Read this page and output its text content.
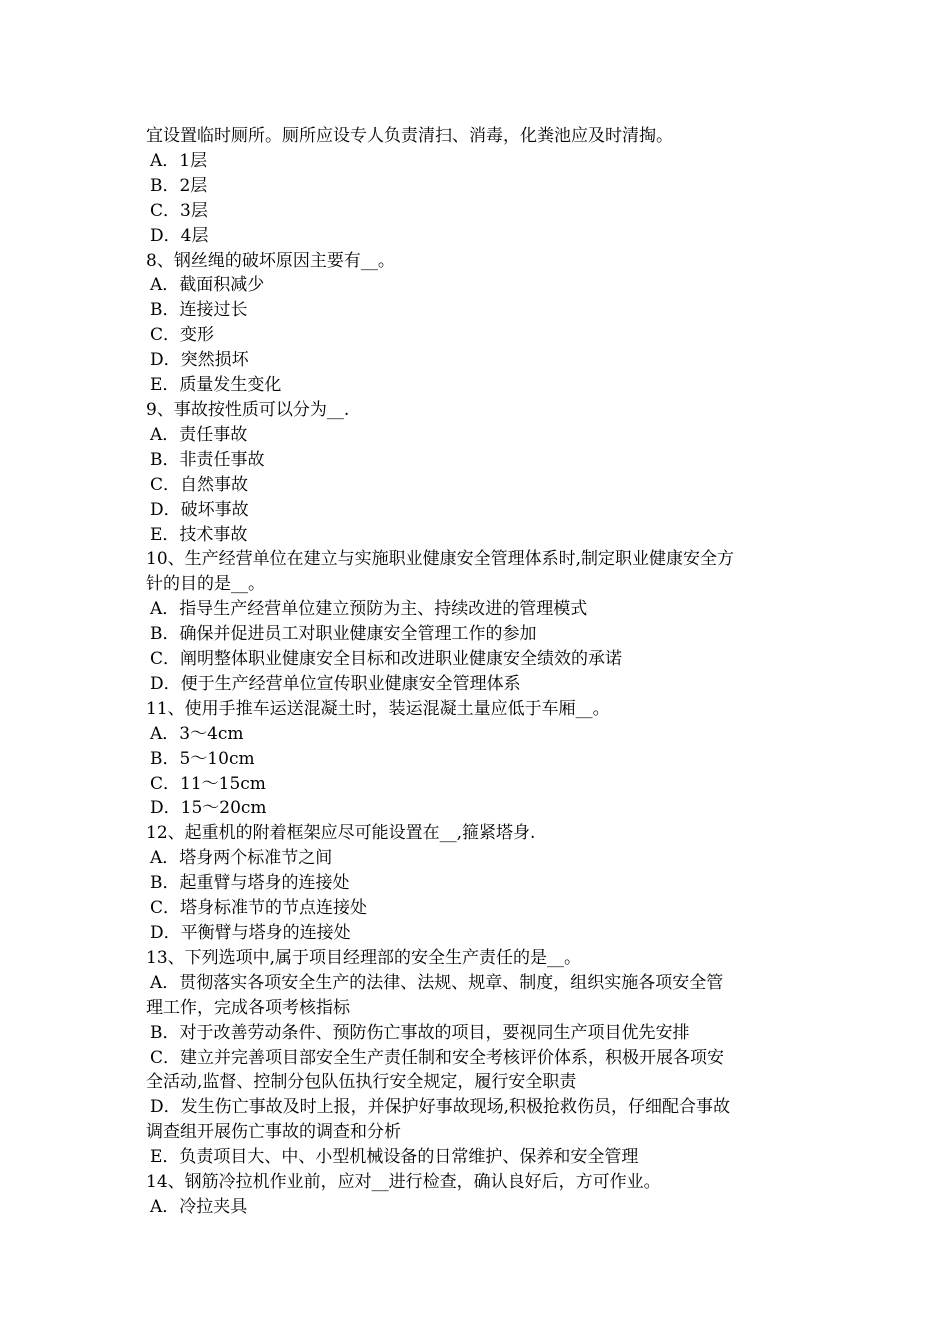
宜设置临时厕所。厕所应设专人负责清扫、消毒，化粪池应及时清掏。
A．1层
B．2层
C．3层
D．4层
8、钢丝绳的破坏原因主要有__。
A．截面积减少
B．连接过长
C．变形
D．突然损坏
E．质量发生变化
9、事故按性质可以分为__.
A．责任事故
B．非责任事故
C．自然事故
D．破坏事故
E．技术事故
10、生产经营单位在建立与实施职业健康安全管理体系时,制定职业健康安全方
针的目的是__。
A．指导生产经营单位建立预防为主、持续改进的管理模式
B．确保并促进员工对职业健康安全管理工作的参加
C．阐明整体职业健康安全目标和改进职业健康安全绩效的承诺
D．便于生产经营单位宣传职业健康安全管理体系
11、使用手推车运送混凝土时，装运混凝土量应低于车厢__。
A．3～4cm
B．5～10cm
C．11～15cm
D．15～20cm
12、起重机的附着框架应尽可能设置在__,箍紧塔身.
A．塔身两个标准节之间
B．起重臂与塔身的连接处
C．塔身标准节的节点连接处
D．平衡臂与塔身的连接处
13、下列选项中,属于项目经理部的安全生产责任的是__。
A．贯彻落实各项安全生产的法律、法规、规章、制度，组织实施各项安全管
理工作，完成各项考核指标
B．对于改善劳动条件、预防伤亡事故的项目，要视同生产项目优先安排
C．建立并完善项目部安全生产责任制和安全考核评价体系，积极开展各项安
全活动,监督、控制分包队伍执行安全规定，履行安全职责
D．发生伤亡事故及时上报，并保护好事故现场,积极抢救伤员，仔细配合事故
调查组开展伤亡事故的调查和分析
E．负责项目大、中、小型机械设备的日常维护、保养和安全管理
14、钢筋冷拉机作业前，应对__进行检查，确认良好后，方可作业。
A．冷拉夹具
